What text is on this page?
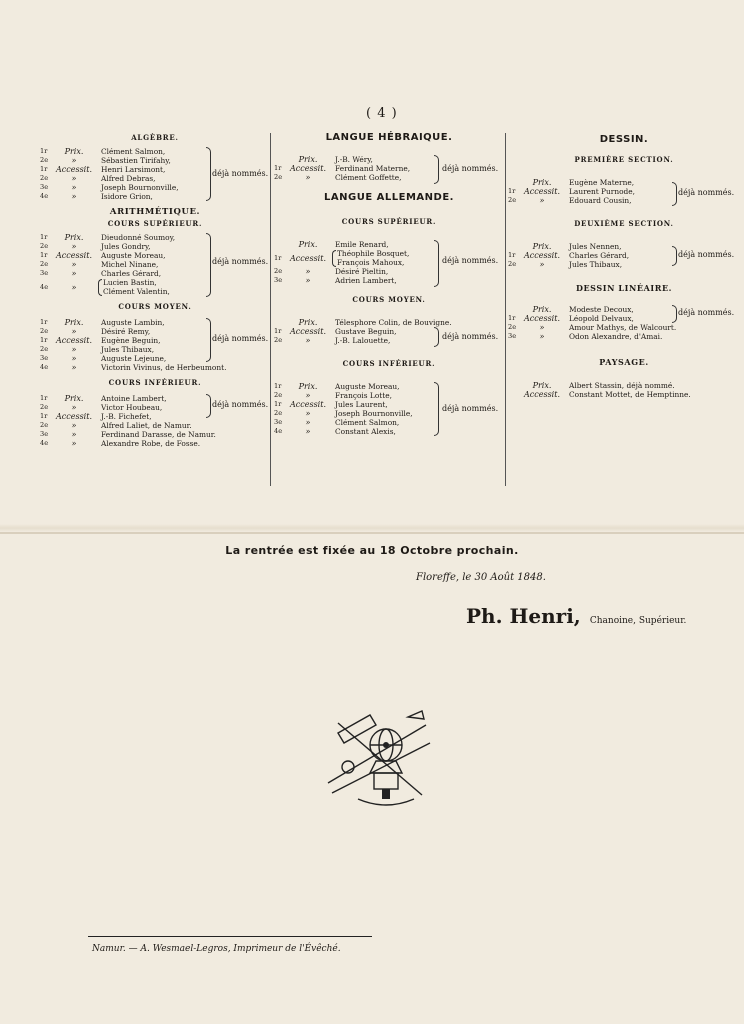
( 4 )
ALGÈBRE.
1r	Prix.	Clément Salmon,
2e	»	Sébastien Tirifahy,
1r	Accessit.	Henri Larsimont,
2e	»	Alfred Debras,
3e	»	Joseph Bournonville,
4e	»	Isidore Grion,
déjà nommés.
ARITHMÉTIQUE.
COURS SUPÉRIEUR.
1r	Prix.	Dieudonné Soumoy,
2e	»	Jules Gondry,
1r	Accessit.	Auguste Moreau,
2e	»	Michel Ninane,
3e	»	Charles Gérard,
4e	»	Lucien Bastin,
Clément Valentin,
déjà nommés.
COURS MOYEN.
1r	Prix.	Auguste Lambin,
2e	»	Désiré Remy,
1r	Accessit.	Eugène Beguin,
2e	»	Jules Thibaux,
3e	»	Auguste Lejeune,
4e	»	Victorin Vivinus, de Herbeumont.
déjà nommés.
COURS INFÉRIEUR.
1r	Prix.	Antoine Lambert,
2e	»	Victor Houbeau,
1r	Accessit.	J.-B. Fichefet,
2e	»	Alfred Laliet, de Namur.
3e	»	Ferdinand Darasse, de Namur.
4e	»	Alexandre Robe, de Fosse.
déjà nommés.
LANGUE HÉBRAIQUE.
Prix.	J.-B. Wéry,
1r	Accessit.	Ferdinand Materne,
2e	»	Clément Goffette,
déjà nommés.
LANGUE ALLEMANDE.
COURS SUPÉRIEUR.
Prix.	Emile Renard,
1r	Accessit.	Théophile Bosquet,
François Mahoux,
2e	»	Désiré Pieltin,
3e	»	Adrien Lambert,
déjà nommés.
COURS MOYEN.
Prix.	Télesphore Colin, de Bouvigne.
1r	Accessit.	Gustave Beguin,
2e	»	J.-B. Lalouette,	déjà nommés.
COURS INFÉRIEUR.
1r	Prix.	Auguste Moreau,
2e	»	François Lotte,
1r	Accessit.	Jules Laurent,
2e	»	Joseph Bournonville,
3e	»	Clément Salmon,
4e	»	Constant Alexis,
déjà nommés.
DESSIN.
PREMIÈRE SECTION.
Prix.	Eugène Materne,
1r	Accessit.	Laurent Purnode,
2e	»	Edouard Cousin,
déjà nommés.
DEUXIÈME SECTION.
Prix.	Jules Nennen,
1r	Accessit.	Charles Gérard,
2e	»	Jules Thibaux,
déjà nommés.
DESSIN LINÉAIRE.
Prix.	Modeste Decoux,
1r	Accessit.	Léopold Delvaux,
2e	»	Amour Mathys, de Walcourt.
3e	»	Odon Alexandre, d'Amai.
déjà nommés.
PAYSAGE.
Prix.	Albert Stassin, déjà nommé.
Accessit.	Constant Mottet, de Hemptinne.
La rentrée est fixée au 18 Octobre prochain.
Floreffe, le 30 Août 1848.
Ph. Henri, Chanoine, Supérieur.
Namur. — A. Wesmael-Legros, Imprimeur de l'Évêché.
